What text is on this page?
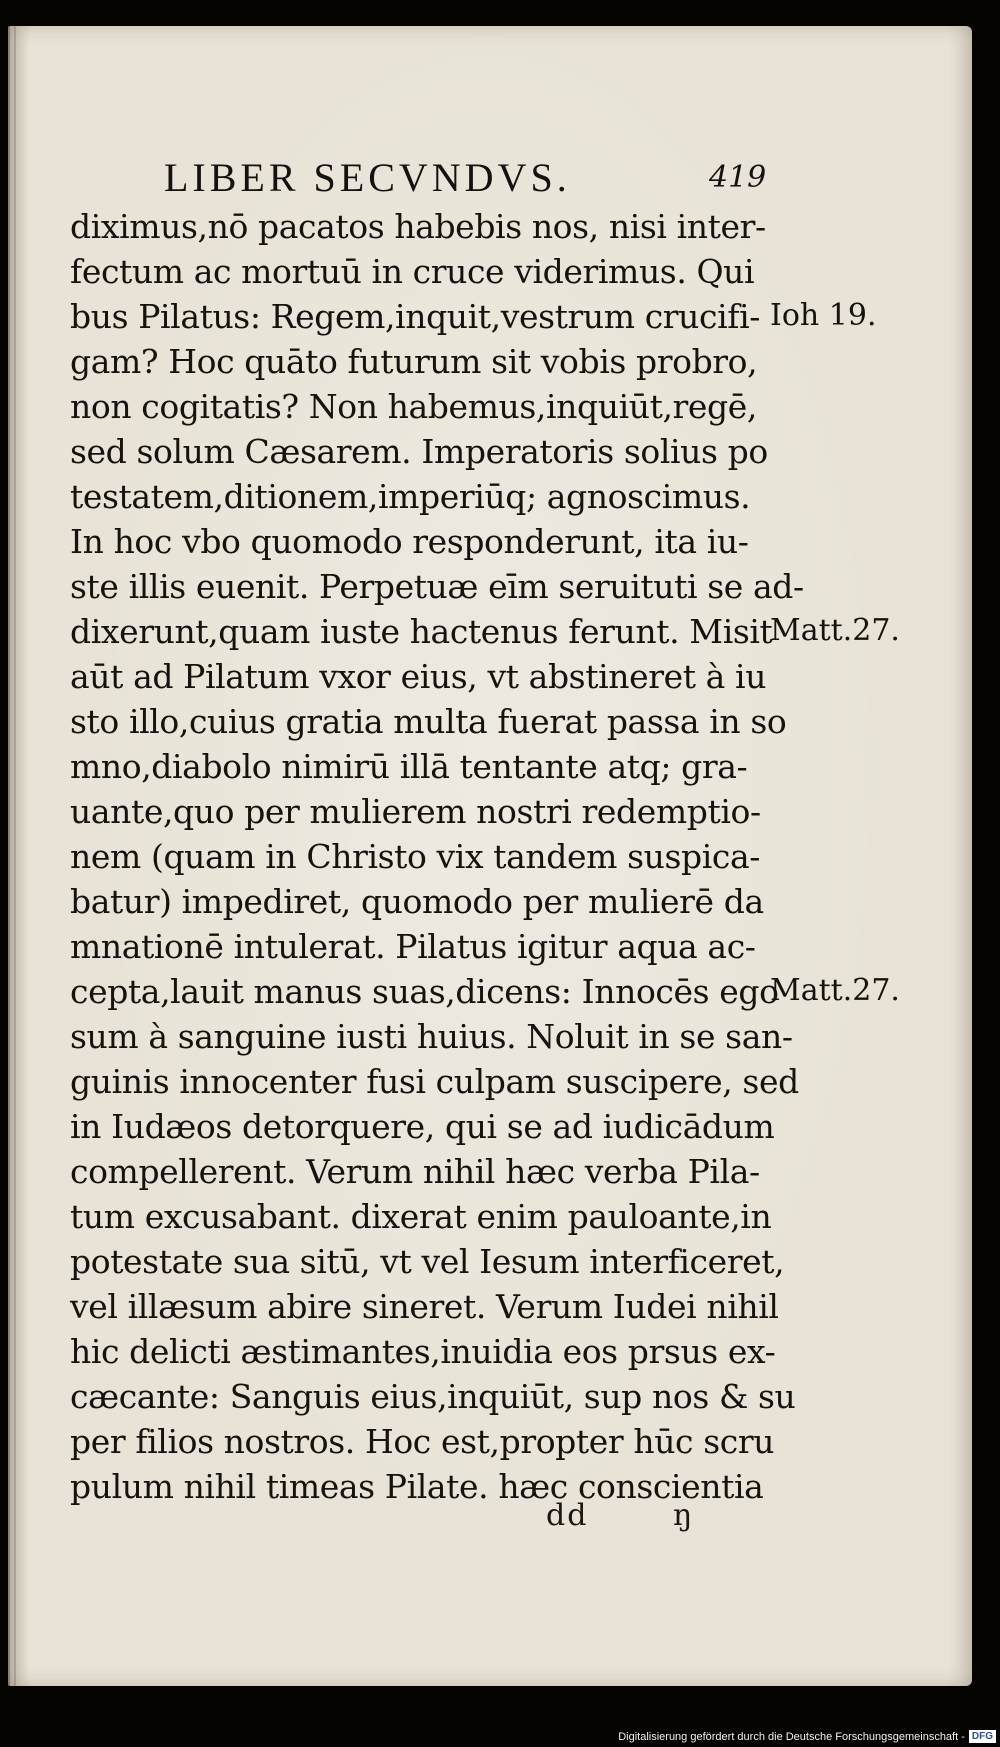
LIBER SECVNDVS.	419
diximus,nō pacatos habebis nos, nisi inter-
fectum ac mortuū in cruce viderimus. Qui
bus Pilatus: Regem,inquit,vestrum crucifi-
gam? Hoc quāto futurum sit vobis probro,
non cogitatis? Non habemus,inquiūt,regē,
sed solum Cæsarem. Imperatoris solius po
testatem,ditionem,imperiūq; agnoscimus.
In hoc vbo quomodo responderunt, ita iu-
ste illis euenit. Perpetuæ eīm seruituti se ad-
dixerunt,quam iuste hactenus ferunt. Misit
aūt ad Pilatum vxor eius, vt abstineret à iu
sto illo,cuius gratia multa fuerat passa in so
mno,diabolo nimirū illā tentante atq; gra-
uante,quo per mulierem nostri redemptio-
nem (quam in Christo vix tandem suspica-
batur) impediret, quomodo per mulierē da
mnationē intulerat. Pilatus igitur aqua ac-
cepta,lauit manus suas,dicens: Innocēs ego
sum à sanguine iusti huius. Noluit in se san-
guinis innocenter fusi culpam suscipere, sed
in Iudæos detorquere, qui se ad iudicādum
compellerent. Verum nihil hæc verba Pila-
tum excusabant. dixerat enim pauloante,in
potestate sua sitū, vt vel Iesum interficeret,
vel illæsum abire sineret. Verum Iudei nihil
hic delicti æstimantes,inuidia eos prsus ex-
cæcante: Sanguis eius,inquiūt, sup nos & su
per filios nostros. Hoc est,propter hūc scru
pulum nihil timeas Pilate. hæc conscientia
Ioh 19.
Matt.27.
Matt.27.
dd	ŋ
Digitalisierung gefördert durch die Deutsche Forschungsgemeinschaft - DFG
